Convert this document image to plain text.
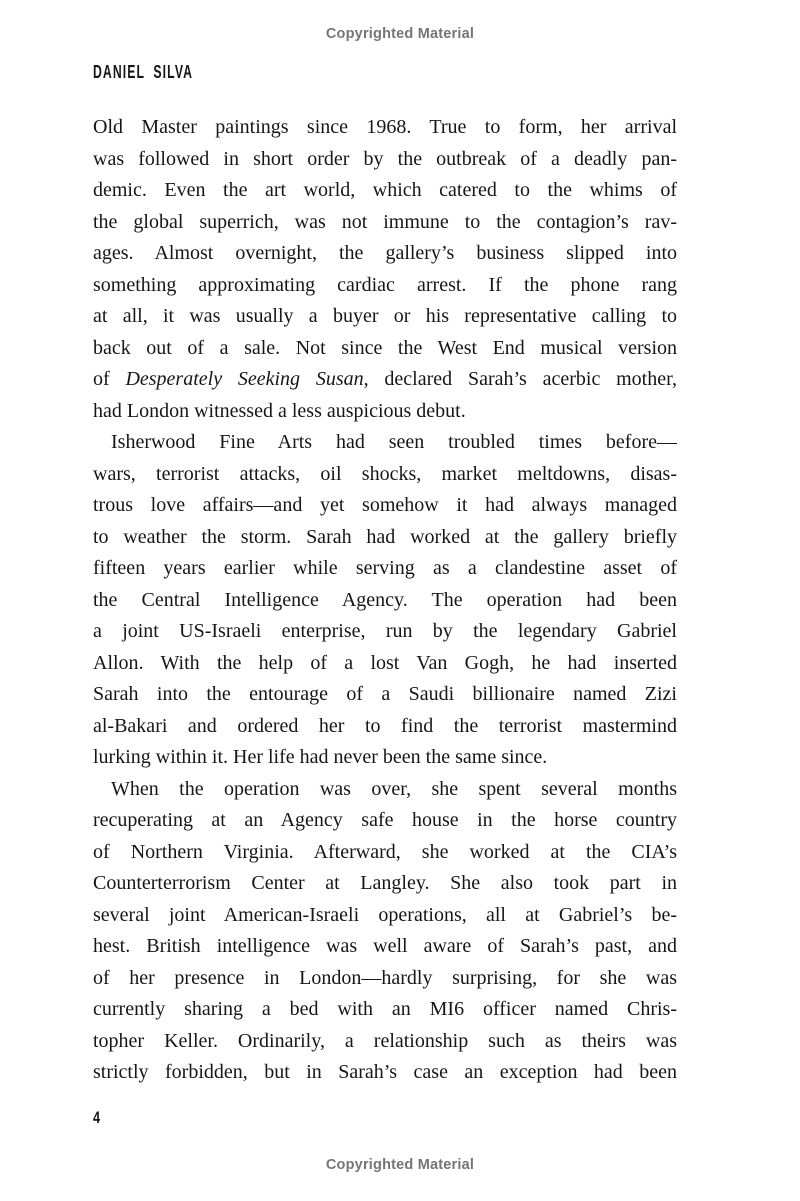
Copyrighted Material
DANIEL SILVA
Old Master paintings since 1968. True to form, her arrival
was followed in short order by the outbreak of a deadly pan-
demic. Even the art world, which catered to the whims of
the global superrich, was not immune to the contagion’s rav-
ages. Almost overnight, the gallery’s business slipped into
something approximating cardiac arrest. If the phone rang
at all, it was usually a buyer or his representative calling to
back out of a sale. Not since the West End musical version
of Desperately Seeking Susan, declared Sarah’s acerbic mother,
had London witnessed a less auspicious debut.
Isherwood Fine Arts had seen troubled times before—
wars, terrorist attacks, oil shocks, market meltdowns, disas-
trous love affairs—and yet somehow it had always managed
to weather the storm. Sarah had worked at the gallery briefly
fifteen years earlier while serving as a clandestine asset of
the Central Intelligence Agency. The operation had been
a joint US-Israeli enterprise, run by the legendary Gabriel
Allon. With the help of a lost Van Gogh, he had inserted
Sarah into the entourage of a Saudi billionaire named Zizi
al-Bakari and ordered her to find the terrorist mastermind
lurking within it. Her life had never been the same since.
When the operation was over, she spent several months
recuperating at an Agency safe house in the horse country
of Northern Virginia. Afterward, she worked at the CIA’s
Counterterrorism Center at Langley. She also took part in
several joint American-Israeli operations, all at Gabriel’s be-
hest. British intelligence was well aware of Sarah’s past, and
of her presence in London—hardly surprising, for she was
currently sharing a bed with an MI6 officer named Chris-
topher Keller. Ordinarily, a relationship such as theirs was
strictly forbidden, but in Sarah’s case an exception had been
4
Copyrighted Material
